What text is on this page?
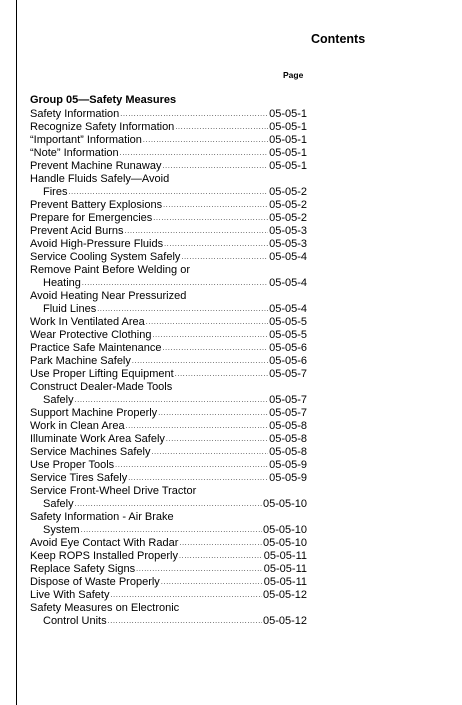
Contents
Page
Group 05—Safety Measures
Safety Information . . .	05-05-1
Recognize Safety Information . . .	05-05-1
“Important” Information . . .	05-05-1
“Note” Information . . .	05-05-1
Prevent Machine Runaway . . .	05-05-1
Handle Fluids Safely—Avoid
Fires . . .	05-05-2
Prevent Battery Explosions . . .	05-05-2
Prepare for Emergencies . . .	05-05-2
Prevent Acid Burns . . .	05-05-3
Avoid High-Pressure Fluids . . .	05-05-3
Service Cooling System Safely . . .	05-05-4
Remove Paint Before Welding or
Heating . . .	05-05-4
Avoid Heating Near Pressurized
Fluid Lines . . .	05-05-4
Work In Ventilated Area . . .	05-05-5
Wear Protective Clothing . . .	05-05-5
Practice Safe Maintenance . . .	05-05-6
Park Machine Safely . . .	05-05-6
Use Proper Lifting Equipment . . .	05-05-7
Construct Dealer-Made Tools
Safely . . .	05-05-7
Support Machine Properly . . .	05-05-7
Work in Clean Area . . .	05-05-8
Illuminate Work Area Safely . . .	05-05-8
Service Machines Safely . . .	05-05-8
Use Proper Tools . . .	05-05-9
Service Tires Safely . . .	05-05-9
Service Front-Wheel Drive Tractor
Safely . . .	05-05-10
Safety Information - Air Brake
System . . .	05-05-10
Avoid Eye Contact With Radar . . .	05-05-10
Keep ROPS Installed Properly . . .	05-05-11
Replace Safety Signs . . .	05-05-11
Dispose of Waste Properly . . .	05-05-11
Live With Safety . . .	05-05-12
Safety Measures on Electronic
Control Units . . .	05-05-12
